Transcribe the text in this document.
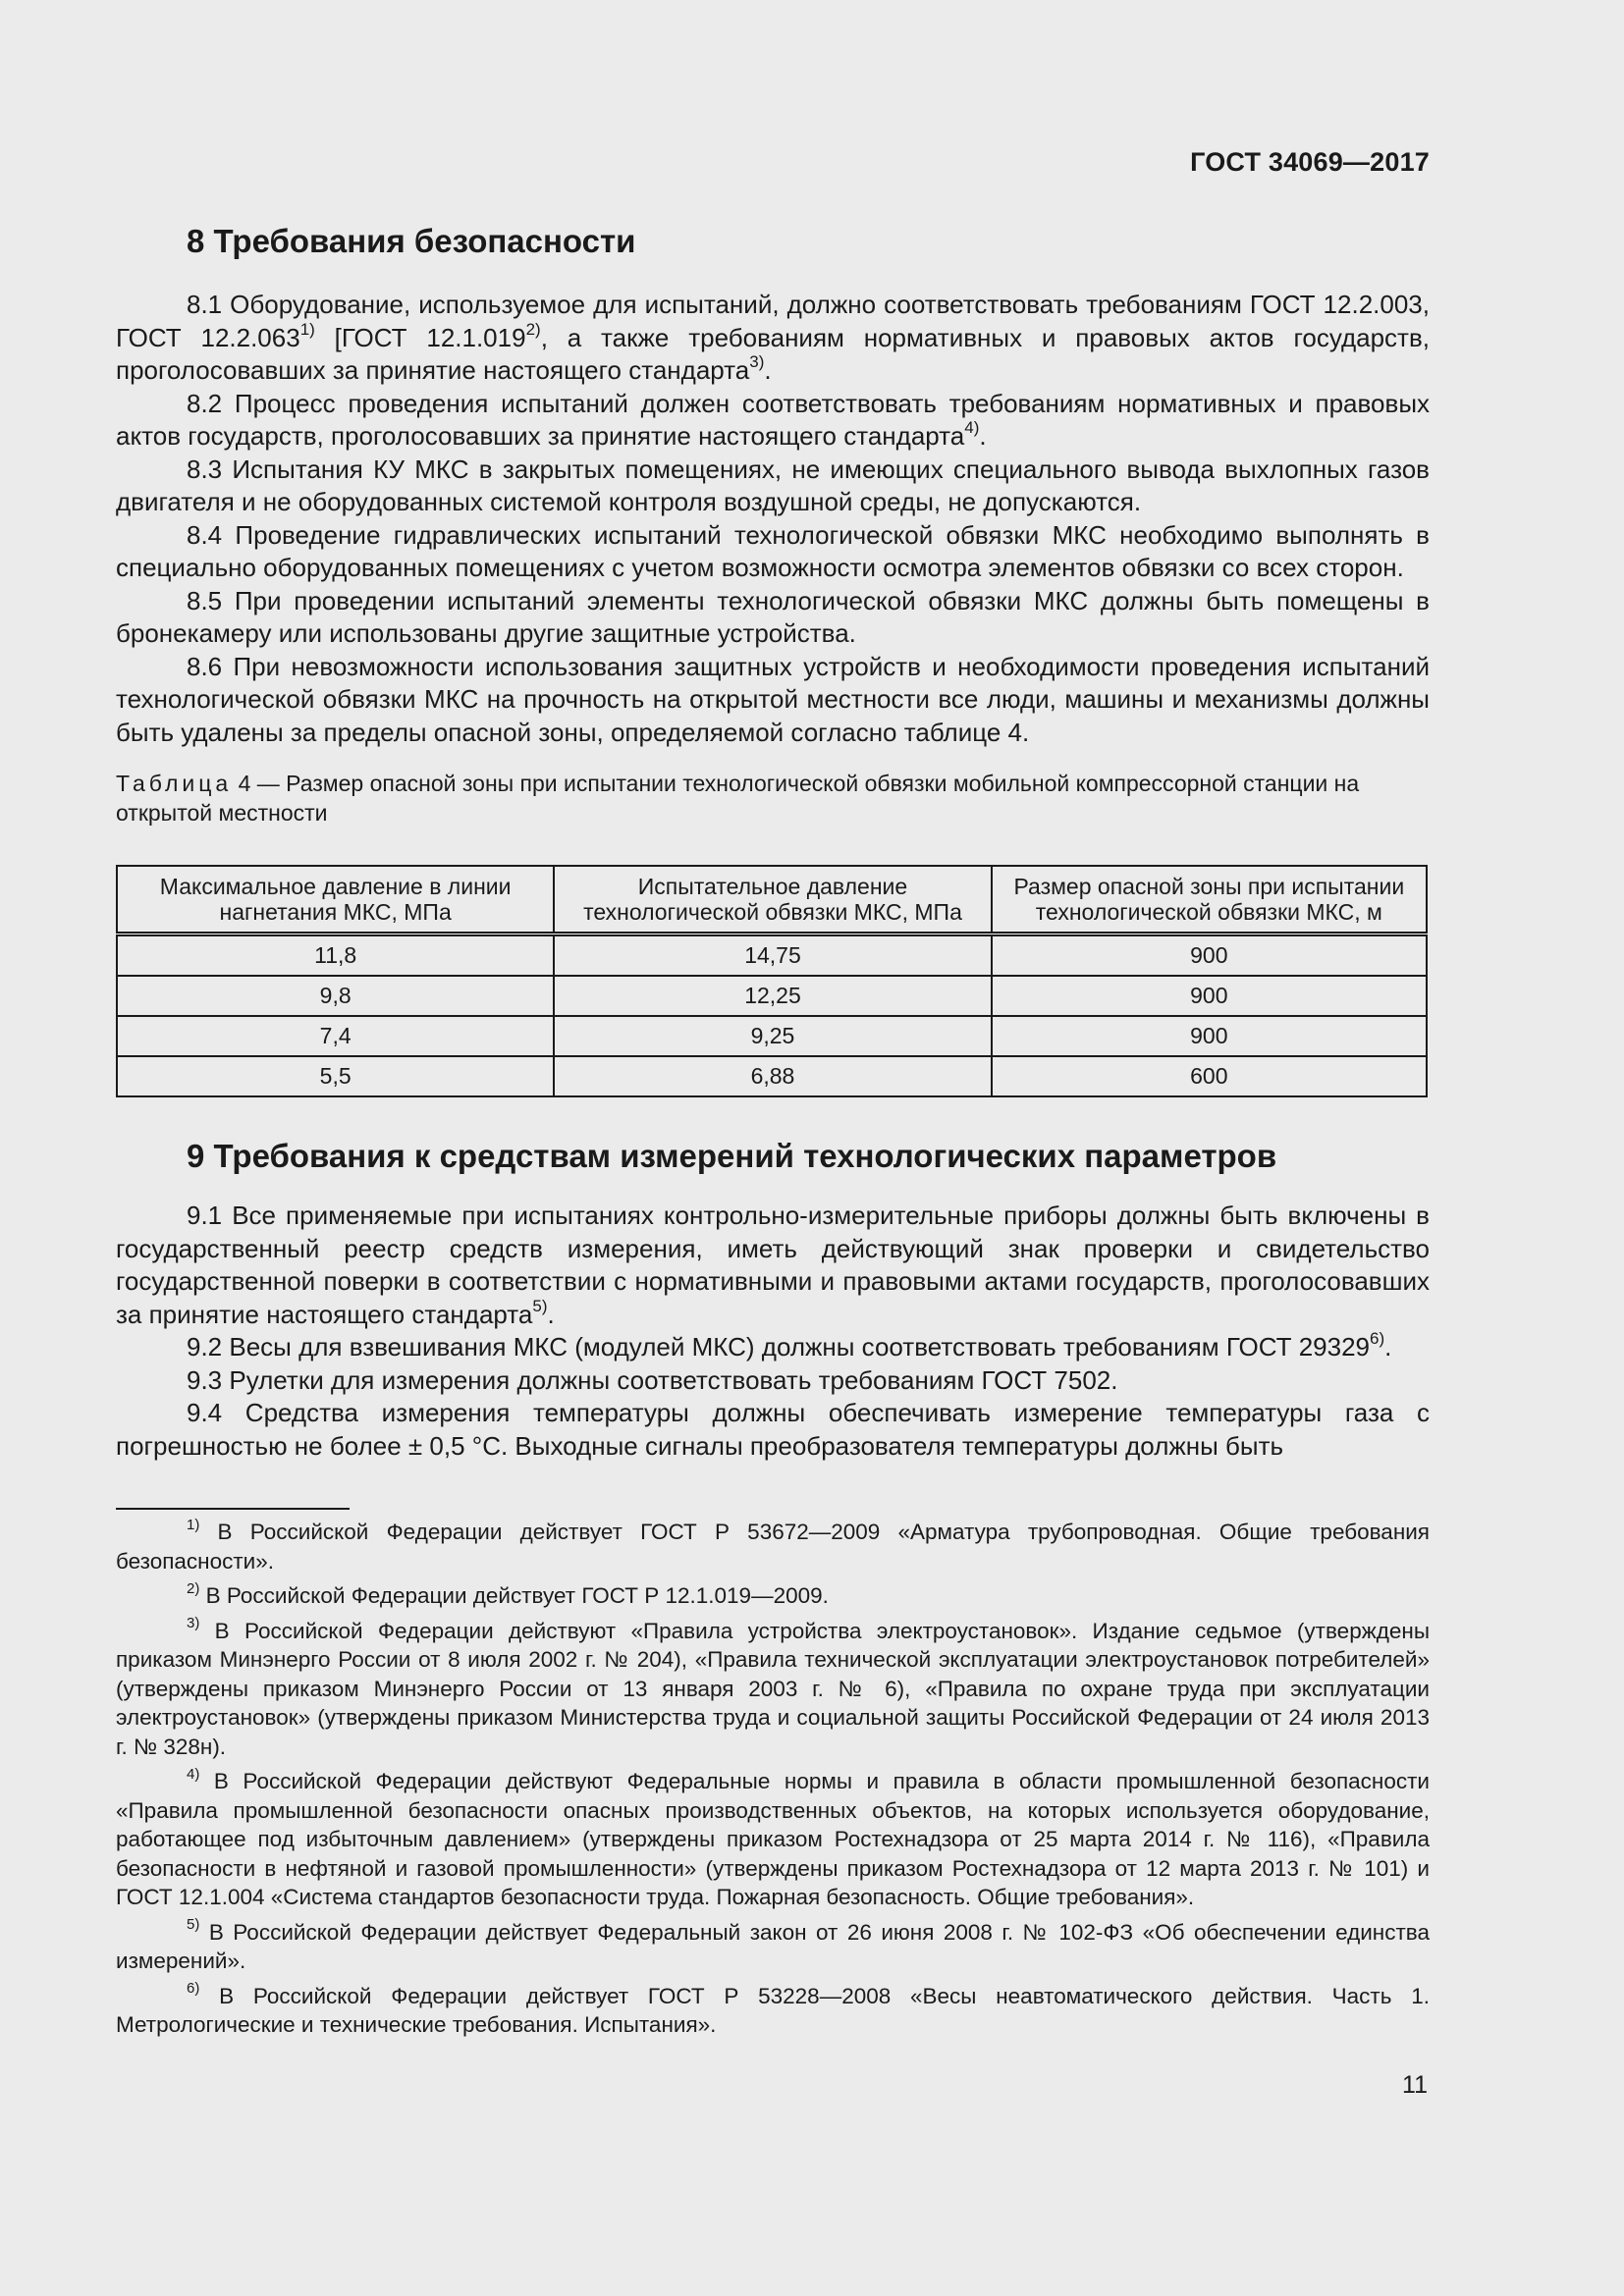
ГОСТ 34069—2017
8 Требования безопасности

8.1 Оборудование, используемое для испытаний, должно соответствовать требованиям ГОСТ 12.2.003, ГОСТ 12.2.063$^{1)}$ [ГОСТ 12.1.019$^{2)}$, а также требованиям нормативных и правовых актов государств, проголосовавших за принятие настоящего стандарта$^{3)}$.

8.2 Процесс проведения испытаний должен соответствовать требованиям нормативных и правовых актов государств, проголосовавших за принятие настоящего стандарта$^{4)}$.

8.3 Испытания КУ МКС в закрытых помещениях, не имеющих специального вывода выхлопных газов двигателя и не оборудованных системой контроля воздушной среды, не допускаются.

8.4 Проведение гидравлических испытаний технологической обвязки МКС необходимо выполнять в специально оборудованных помещениях с учетом возможности осмотра элементов обвязки со всех сторон.

8.5 При проведении испытаний элементы технологической обвязки МКС должны быть помещены в бронекамеру или использованы другие защитные устройства.

8.6 При невозможности использования защитных устройств и необходимости проведения испытаний технологической обвязки МКС на прочность на открытой местности все люди, машины и механизмы должны быть удалены за пределы опасной зоны, определяемой согласно таблице 4.

Таблица 4 — Размер опасной зоны при испытании технологической обвязки мобильной компрессорной станции на открытой местности
Максимальное давление в линии нагнетания МКС, МПа	Испытательное давление технологической обвязки МКС, МПа	Размер опасной зоны при испытании технологической обвязки МКС, м
11,8	14,75	900
9,8	12,25	900
7,4	9,25	900
5,5	6,88	600
9 Требования к средствам измерений технологических параметров

9.1 Все применяемые при испытаниях контрольно-измерительные приборы должны быть включены в государственный реестр средств измерения, иметь действующий знак проверки и свидетельство государственной поверки в соответствии с нормативными и правовыми актами государств, проголосовавших за принятие настоящего стандарта$^{5)}$.

9.2 Весы для взвешивания МКС (модулей МКС) должны соответствовать требованиям ГОСТ 29329$^{6)}$.

9.3 Рулетки для измерения должны соответствовать требованиям ГОСТ 7502.

9.4 Средства измерения температуры должны обеспечивать измерение температуры газа с погрешностью не более ± 0,5 °С. Выходные сигналы преобразователя температуры должны быть

$^{1)}$ В Российской Федерации действует ГОСТ Р 53672—2009 «Арматура трубопроводная. Общие требования безопасности».

$^{2)}$ В Российской Федерации действует ГОСТ Р 12.1.019—2009.

$^{3)}$ В Российской Федерации действуют «Правила устройства электроустановок». Издание седьмое (утверждены приказом Минэнерго России от 8 июля 2002 г. № 204), «Правила технической эксплуатации электроустановок потребителей» (утверждены приказом Минэнерго России от 13 января 2003 г. № 6), «Правила по охране труда при эксплуатации электроустановок» (утверждены приказом Министерства труда и социальной защиты Российской Федерации от 24 июля 2013 г. № 328н).

$^{4)}$ В Российской Федерации действуют Федеральные нормы и правила в области промышленной безопасности «Правила промышленной безопасности опасных производственных объектов, на которых используется оборудование, работающее под избыточным давлением» (утверждены приказом Ростехнадзора от 25 марта 2014 г. № 116), «Правила безопасности в нефтяной и газовой промышленности» (утверждены приказом Ростехнадзора от 12 марта 2013 г. № 101) и ГОСТ 12.1.004 «Система стандартов безопасности труда. Пожарная безопасность. Общие требования».

$^{5)}$ В Российской Федерации действует Федеральный закон от 26 июня 2008 г. № 102-ФЗ «Об обеспечении единства измерений».

$^{6)}$ В Российской Федерации действует ГОСТ Р 53228—2008 «Весы неавтоматического действия. Часть 1. Метрологические и технические требования. Испытания».

11
